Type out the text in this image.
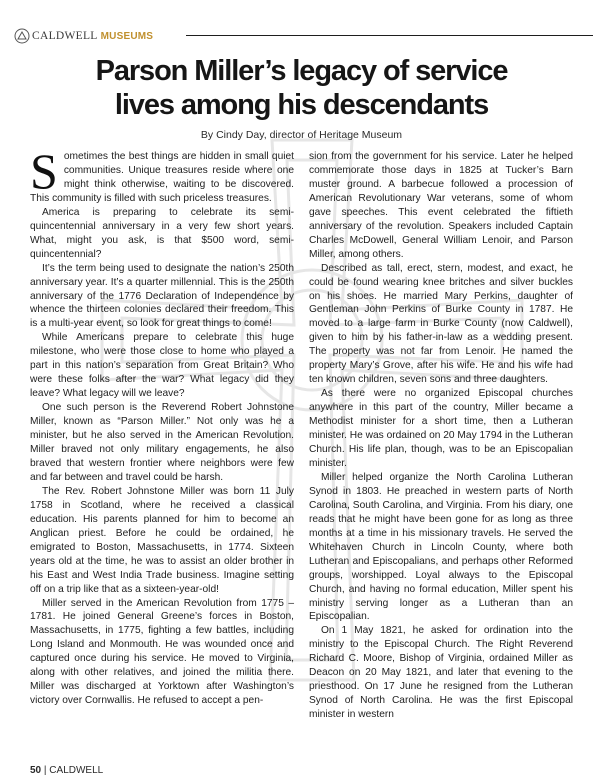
CALDWELL MUSEUMS
Parson Miller’s legacy of service
lives among his descendants
By Cindy Day, director of Heritage Museum

Sometimes the best things are hidden in small quiet communities. Unique treasures reside where one might think otherwise, waiting to be discovered. This community is filled with such priceless treasures.

America is preparing to celebrate its semi-quincentennial anniversary in a very few short years. What, might you ask, is that $500 word, semi-quincentennial?

It’s the term being used to designate the nation’s 250th anniversary year. It’s a quarter millennial. This is the 250th anniversary of the 1776 Declaration of Independence by whence the thirteen colonies declared their freedom. This is a multi-year event, so look for great things to come!

While Americans prepare to celebrate this huge milestone, who were those close to home who played a part in this nation’s separation from Great Britain? Who were these folks after the war? What legacy did they leave? What legacy will we leave?

One such person is the Reverend Robert Johnstone Miller, known as “Parson Miller.” Not only was he a minister, but he also served in the American Revolution. Miller braved not only military engagements, he also braved that western frontier where neighbors were few and far between and travel could be harsh.

The Rev. Robert Johnstone Miller was born 11 July 1758 in Scotland, where he received a classical education. His parents planned for him to become an Anglican priest. Before he could be ordained, he emigrated to Boston, Massachusetts, in 1774. Sixteen years old at the time, he was to assist an older brother in his East and West India Trade business. Imagine setting off on a trip like that as a sixteen-year-old!

Miller served in the American Revolution from 1775 – 1781. He joined General Greene’s forces in Boston, Massachusetts, in 1775, fighting a few battles, including Long Island and Monmouth. He was wounded once and captured once during his service. He moved to Virginia, along with other relatives, and joined the militia there. Miller was discharged at Yorktown after Washington’s victory over Cornwallis. He refused to accept a pen-

sion from the government for his service. Later he helped commemorate those days in 1825 at Tucker’s Barn muster ground. A barbecue followed a procession of American Revolutionary War veterans, some of whom gave speeches. This event celebrated the fiftieth anniversary of the revolution. Speakers included Captain Charles McDowell, General William Lenoir, and Parson Miller, among others.

Described as tall, erect, stern, modest, and exact, he could be found wearing knee britches and silver buckles on his shoes. He married Mary Perkins, daughter of Gentleman John Perkins of Burke County in 1787. He moved to a large farm in Burke County (now Caldwell), given to him by his father-in-law as a wedding present. The property was not far from Lenoir. He named the property Mary’s Grove, after his wife. He and his wife had ten known children, seven sons and three daughters.

As there were no organized Episcopal churches anywhere in this part of the country, Miller became a Methodist minister for a short time, then a Lutheran minister. He was ordained on 20 May 1794 in the Lutheran Church. His life plan, though, was to be an Episcopalian minister.

Miller helped organize the North Carolina Lutheran Synod in 1803. He preached in western parts of North Carolina, South Carolina, and Virginia. From his diary, one reads that he might have been gone for as long as three months at a time in his missionary travels. He served the Whitehaven Church in Lincoln County, where both Lutheran and Episcopalians, and perhaps other Reformed groups, worshipped. Loyal always to the Episcopal Church, and having no formal education, Miller spent his ministry serving longer as a Lutheran than an Episcopalian.

On 1 May 1821, he asked for ordination into the ministry to the Episcopal Church. The Right Reverend Richard C. Moore, Bishop of Virginia, ordained Miller as Deacon on 20 May 1821, and later that evening to the priesthood. On 17 June he resigned from the Lutheran Synod of North Carolina. He was the first Episcopal minister in western

50 | CALDWELL
